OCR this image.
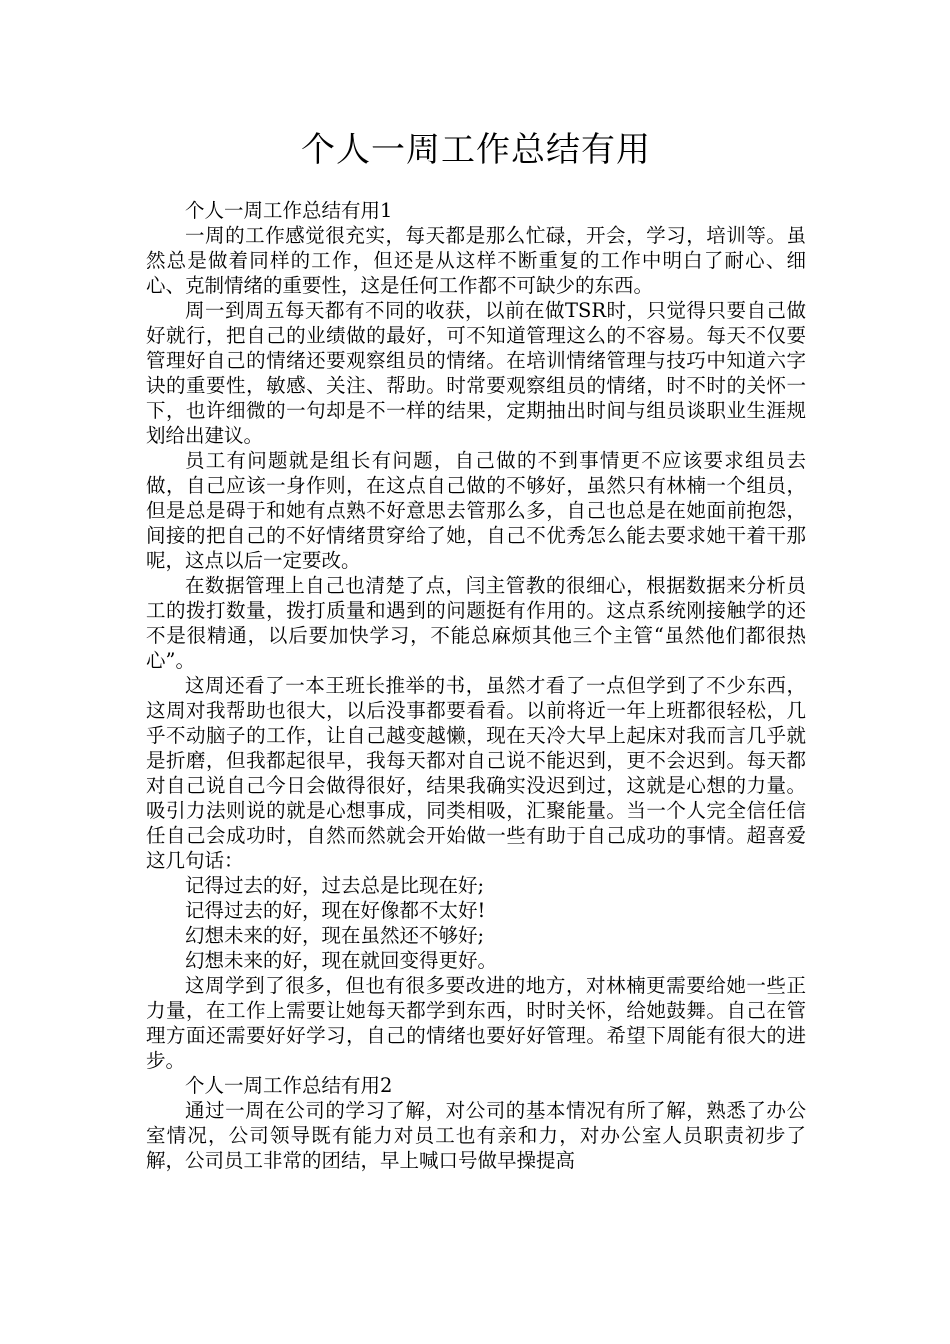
个人一周工作总结有用

个人一周工作总结有用1

一周的工作感觉很充实，每天都是那么忙碌，开会，学习，培训等。虽然总是做着同样的工作，但还是从这样不断重复的工作中明白了耐心、细心、克制情绪的重要性，这是任何工作都不可缺少的东西。

周一到周五每天都有不同的收获，以前在做TSR时，只觉得只要自己做好就行，把自己的业绩做的最好，可不知道管理这么的不容易。每天不仅要管理好自己的情绪还要观察组员的情绪。在培训情绪管理与技巧中知道六字诀的重要性，敏感、关注、帮助。时常要观察组员的情绪，时不时的关怀一下，也许细微的一句却是不一样的结果，定期抽出时间与组员谈职业生涯规划给出建议。

员工有问题就是组长有问题，自己做的不到事情更不应该要求组员去做，自己应该一身作则，在这点自己做的不够好，虽然只有林楠一个组员，但是总是碍于和她有点熟不好意思去管那么多，自己也总是在她面前抱怨，间接的把自己的不好情绪贯穿给了她，自己不优秀怎么能去要求她干着干那呢，这点以后一定要改。

在数据管理上自己也清楚了点，闫主管教的很细心，根据数据来分析员工的拨打数量，拨打质量和遇到的问题挺有作用的。这点系统刚接触学的还不是很精通，以后要加快学习，不能总麻烦其他三个主管“虽然他们都很热心”。

这周还看了一本王班长推举的书，虽然才看了一点但学到了不少东西，这周对我帮助也很大，以后没事都要看看。以前将近一年上班都很轻松，几乎不动脑子的工作，让自己越变越懒，现在天冷大早上起床对我而言几乎就是折磨，但我都起很早，我每天都对自己说不能迟到，更不会迟到。每天都对自己说自己今日会做得很好，结果我确实没迟到过，这就是心想的力量。吸引力法则说的就是心想事成，同类相吸，汇聚能量。当一个人完全信任信任自己会成功时，自然而然就会开始做一些有助于自己成功的事情。超喜爱这几句话：

记得过去的好，过去总是比现在好;

记得过去的好，现在好像都不太好!

幻想未来的好，现在虽然还不够好;

幻想未来的好，现在就回变得更好。

这周学到了很多，但也有很多要改进的地方，对林楠更需要给她一些正力量，在工作上需要让她每天都学到东西，时时关怀，给她鼓舞。自己在管理方面还需要好好学习，自己的情绪也要好好管理。希望下周能有很大的进步。

个人一周工作总结有用2

通过一周在公司的学习了解，对公司的基本情况有所了解，熟悉了办公室情况，公司领导既有能力对员工也有亲和力，对办公室人员职责初步了解，公司员工非常的团结，早上喊口号做早操提高
